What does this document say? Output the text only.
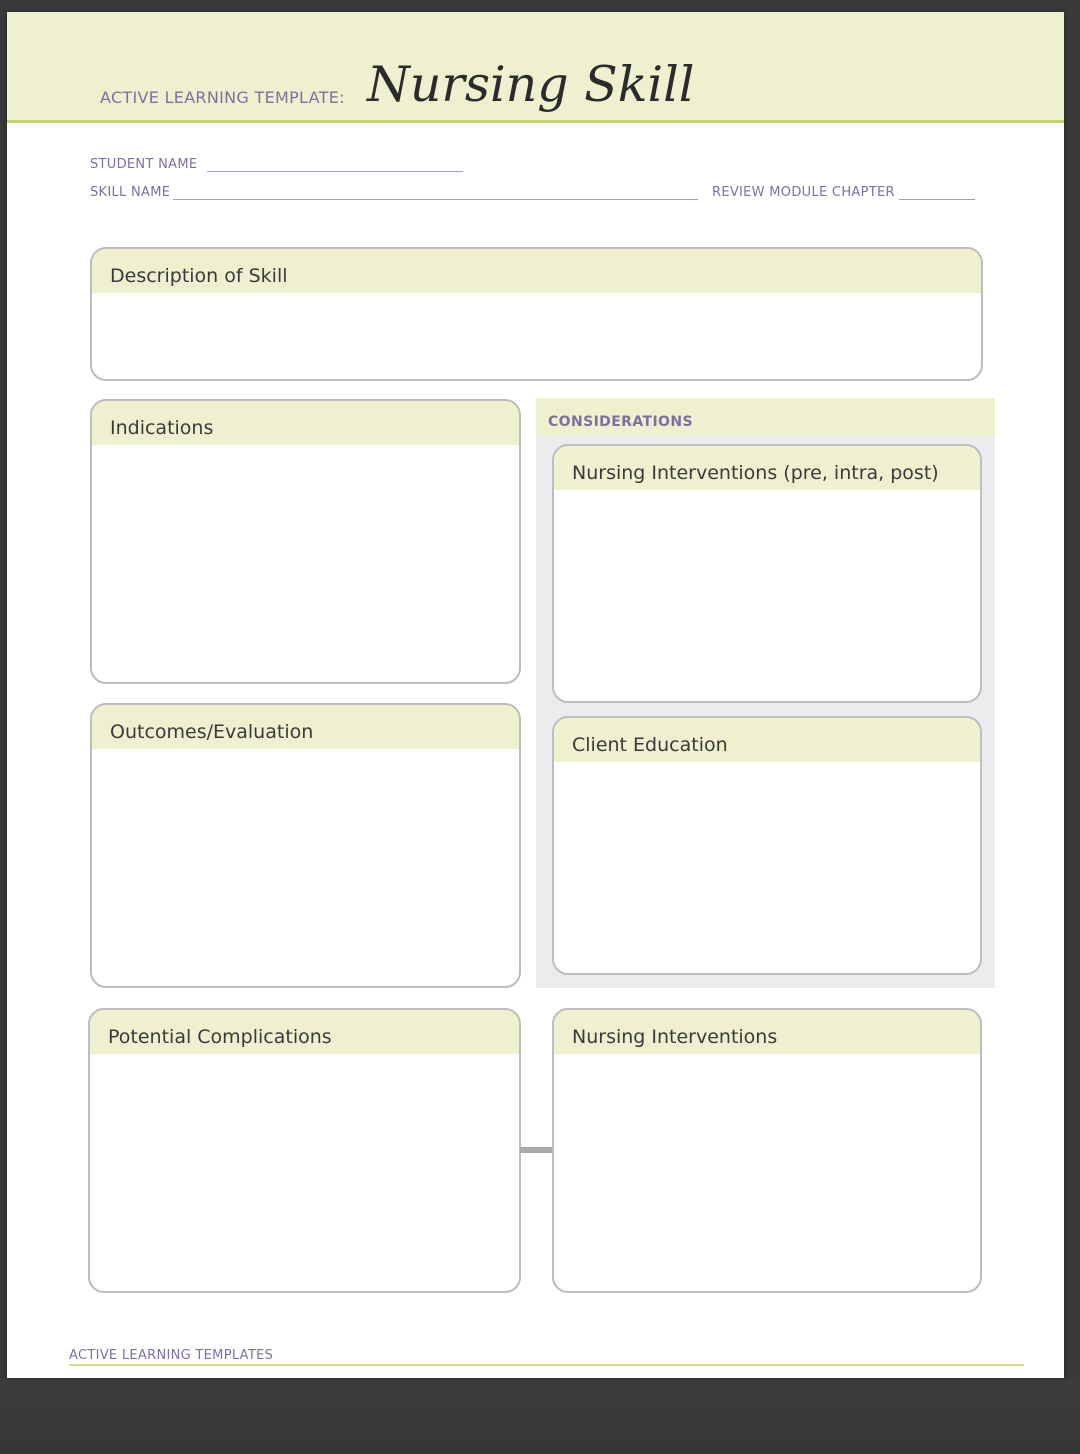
ACTIVE LEARNING TEMPLATE: Nursing Skill
STUDENT NAME
SKILL NAME	REVIEW MODULE CHAPTER
Description of Skill
Indications
Outcomes/Evaluation
CONSIDERATIONS
Nursing Interventions (pre, intra, post)
Client Education
Potential Complications	Nursing Interventions
ACTIVE LEARNING TEMPLATES
